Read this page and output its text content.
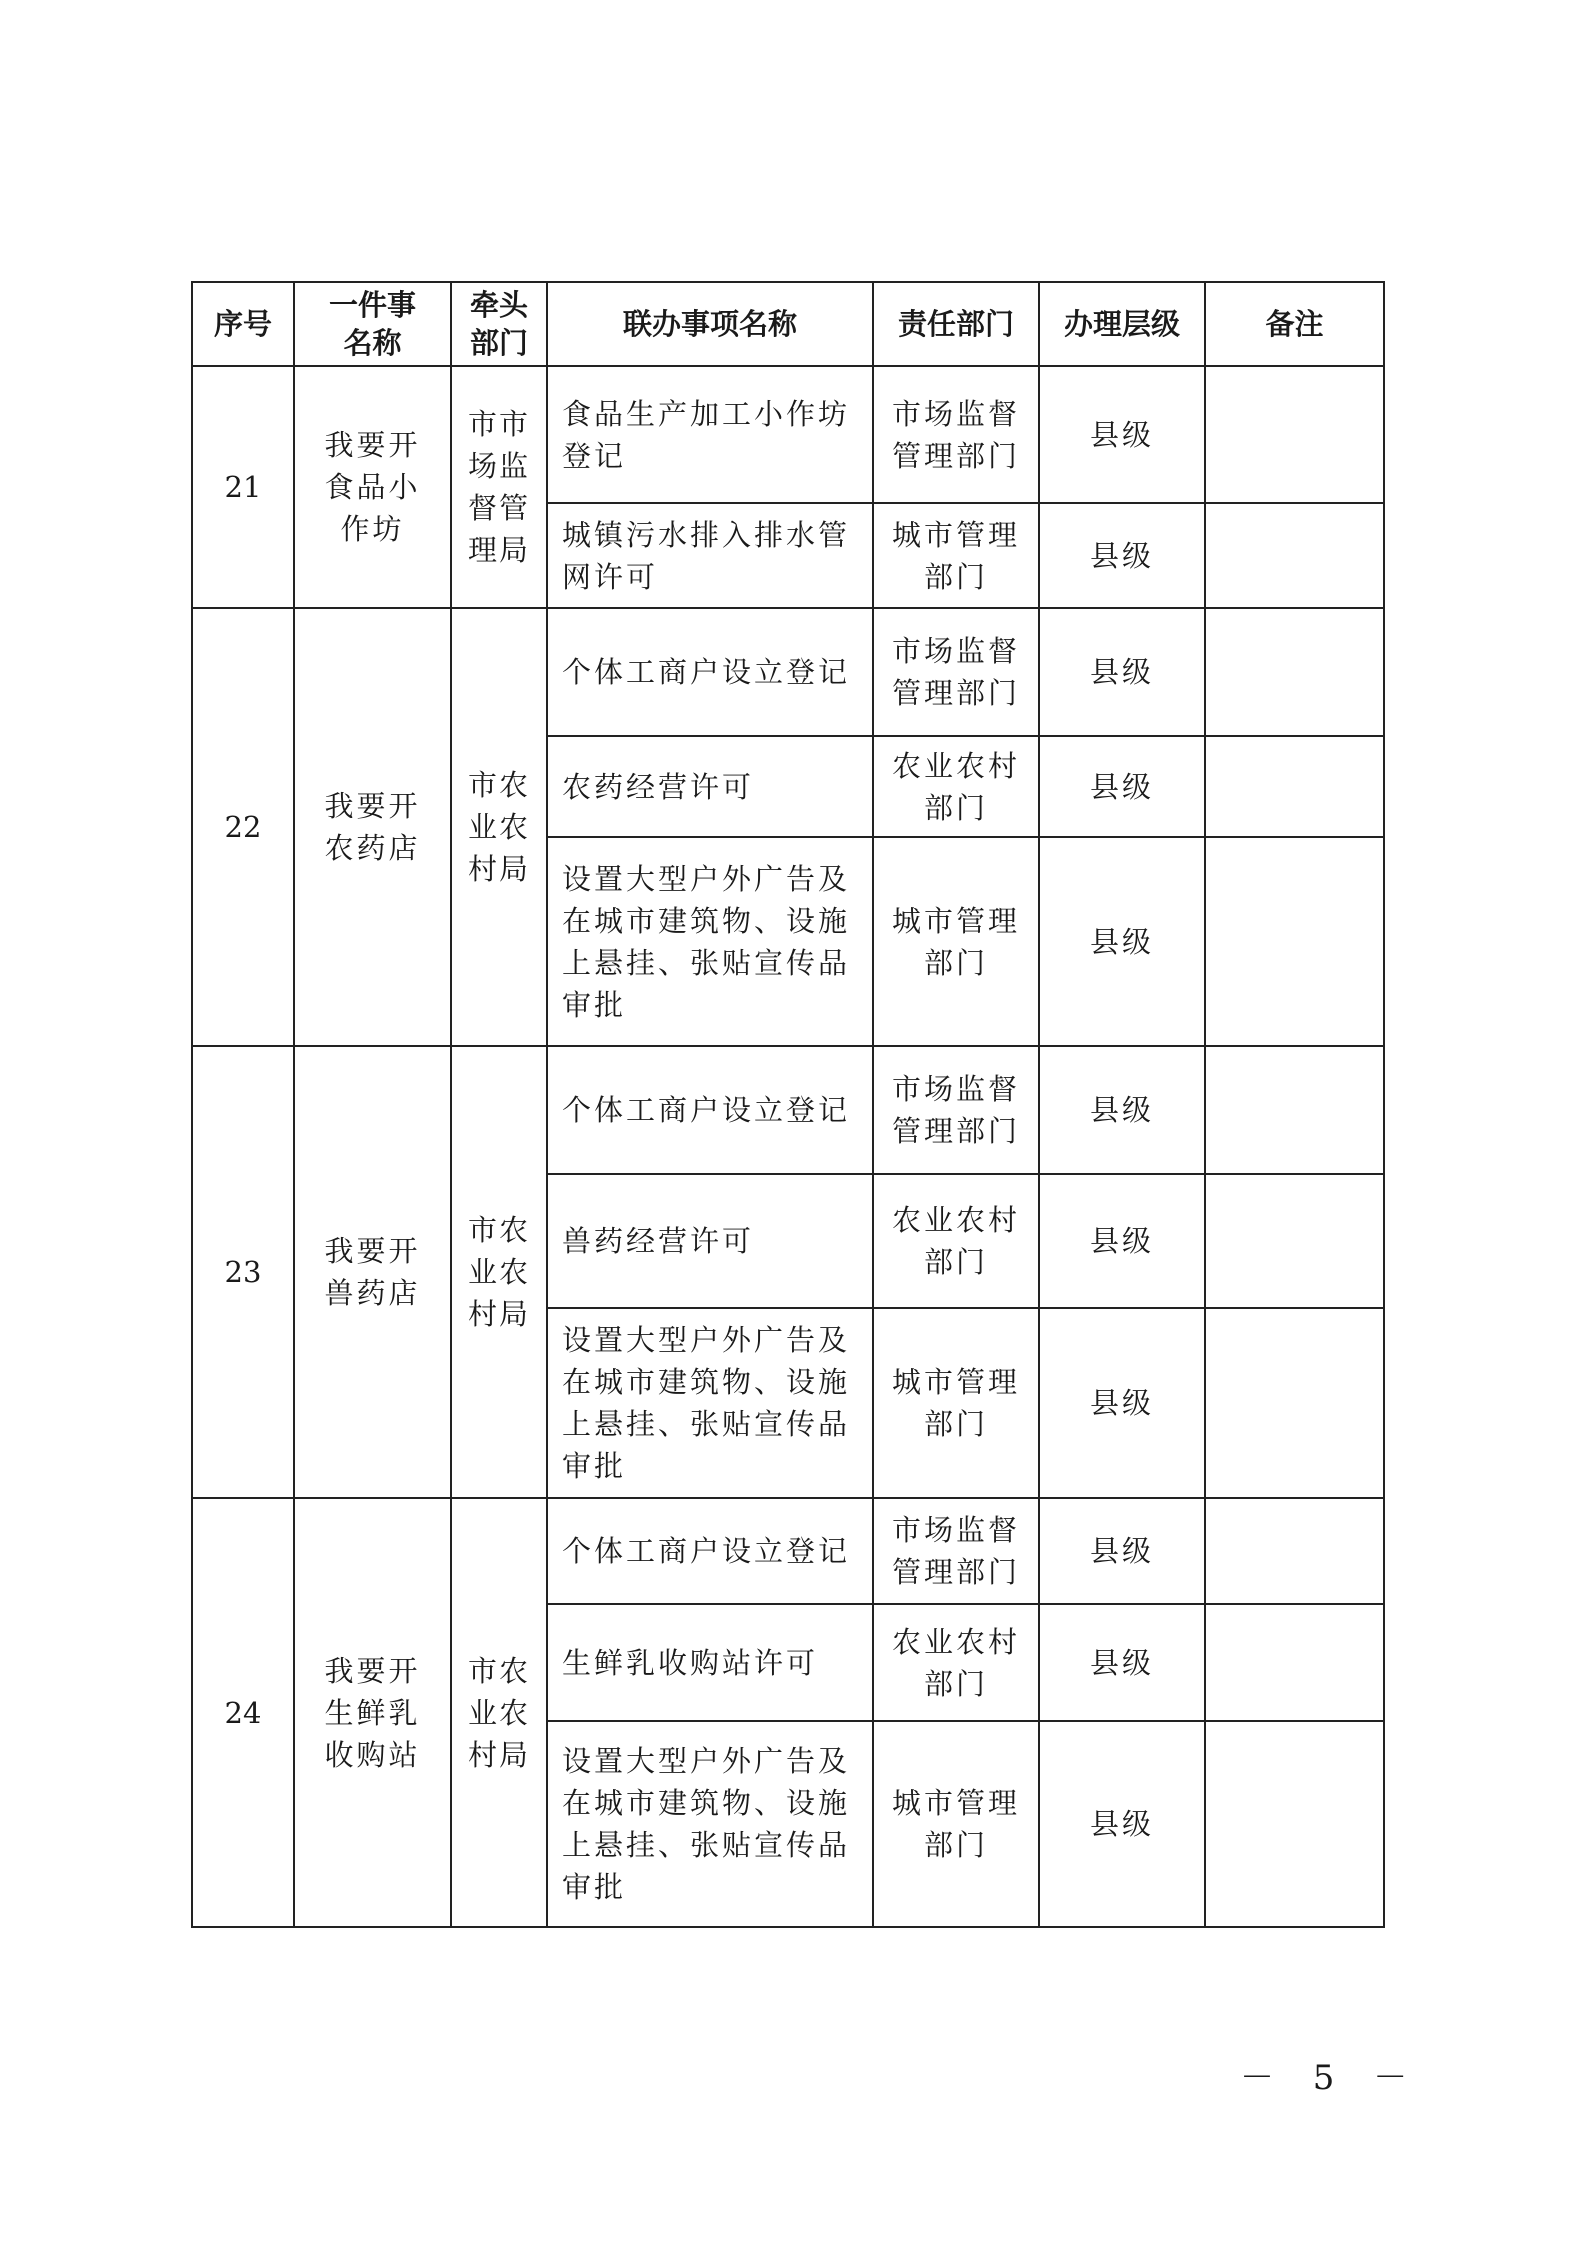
序号	一件事名称	牵头部门	联办事项名称	责任部门	办理层级	备注

21	我要开食品小作坊	市市场监督管理局	食品生产加工小作坊登记	市场监督管理部门	县级	

			城镇污水排入排水管网许可	城市管理部门	县级	
22	我要开农药店	市农业农村局	个体工商户设立登记	市场监督管理部门	县级	

			农药经营许可	农业农村部门	县级	

			设置大型户外广告及在城市建筑物、设施上悬挂、张贴宣传品审批	城市管理部门	县级	
23	我要开兽药店	市农业农村局	个体工商户设立登记	市场监督管理部门	县级	

			兽药经营许可	农业农村部门	县级	

			设置大型户外广告及在城市建筑物、设施上悬挂、张贴宣传品审批	城市管理部门	县级	
24	我要开生鲜乳收购站	市农业农村局	个体工商户设立登记	市场监督管理部门	县级	

			生鲜乳收购站许可	农业农村部门	县级	

			设置大型户外广告及在城市建筑物、设施上悬挂、张贴宣传品审批	城市管理部门	县级	
－ 5 －
